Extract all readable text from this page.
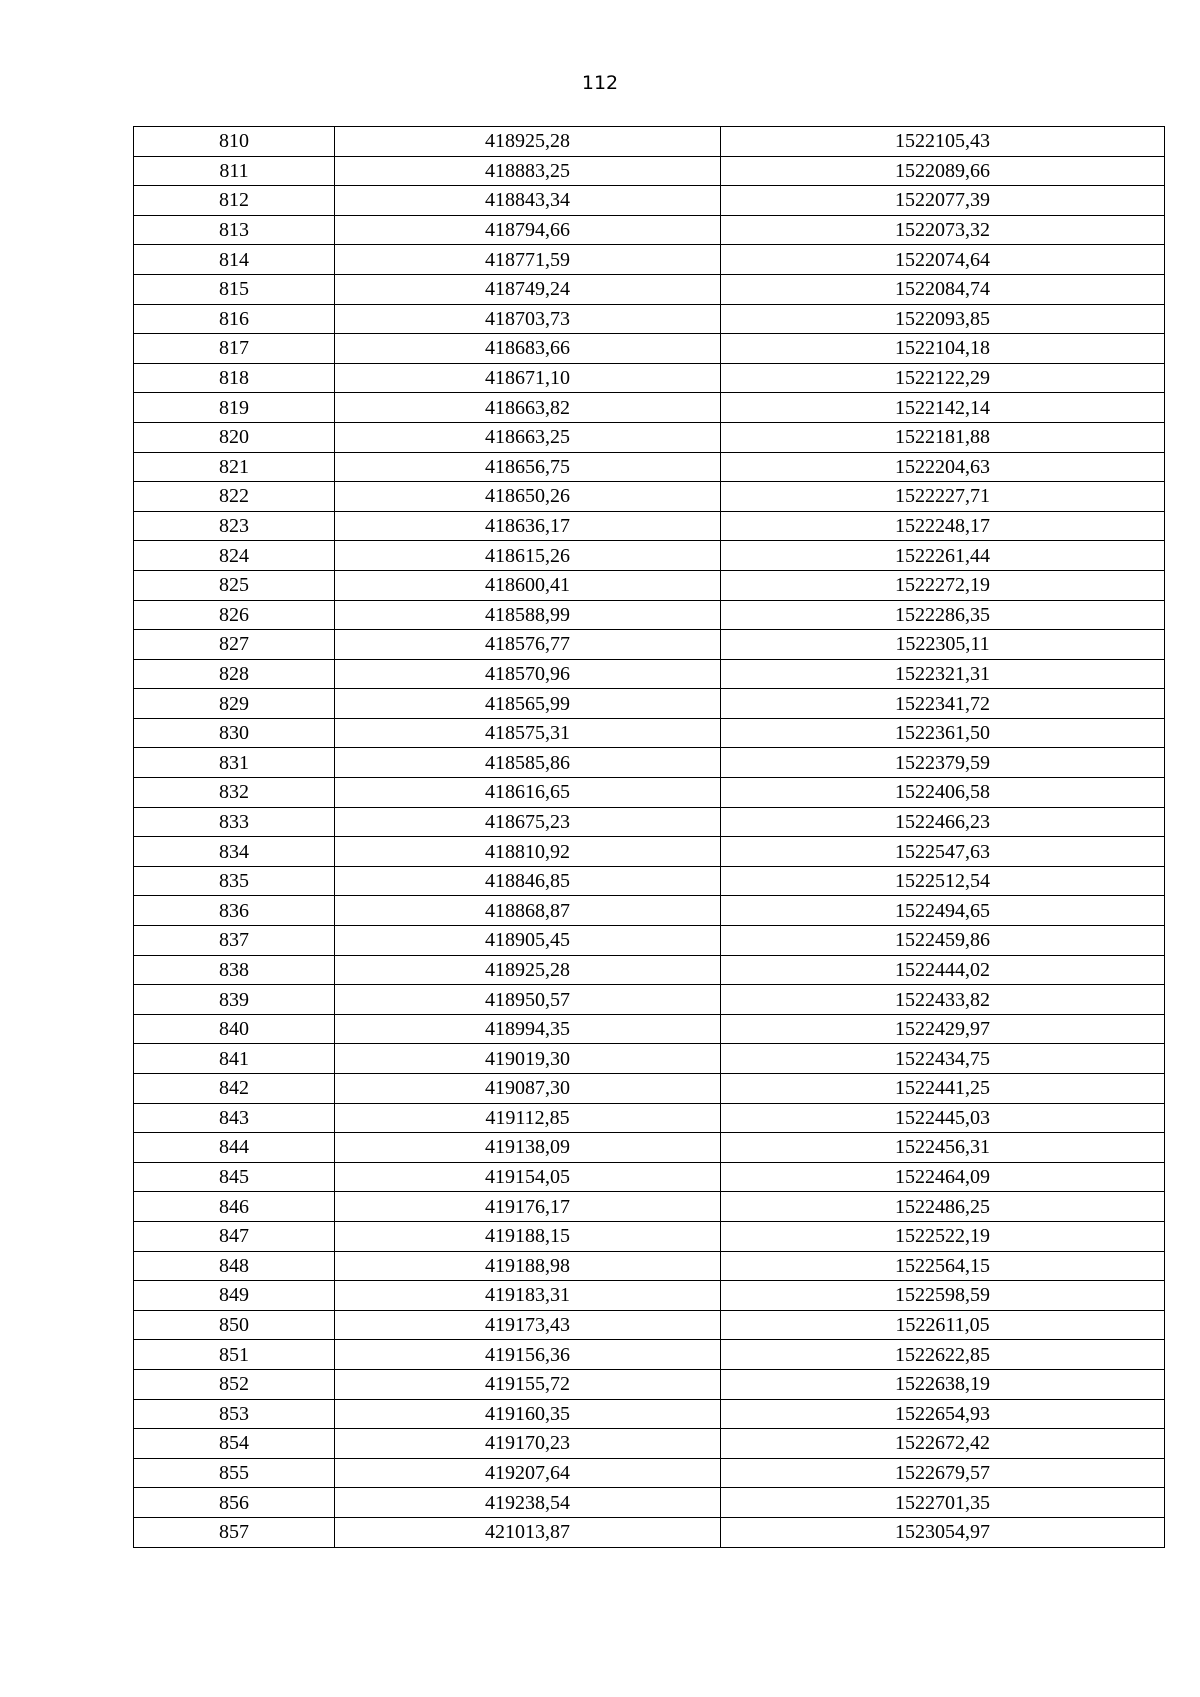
112
810	418925,28	1522105,43
811	418883,25	1522089,66
812	418843,34	1522077,39
813	418794,66	1522073,32
814	418771,59	1522074,64
815	418749,24	1522084,74
816	418703,73	1522093,85
817	418683,66	1522104,18
818	418671,10	1522122,29
819	418663,82	1522142,14
820	418663,25	1522181,88
821	418656,75	1522204,63
822	418650,26	1522227,71
823	418636,17	1522248,17
824	418615,26	1522261,44
825	418600,41	1522272,19
826	418588,99	1522286,35
827	418576,77	1522305,11
828	418570,96	1522321,31
829	418565,99	1522341,72
830	418575,31	1522361,50
831	418585,86	1522379,59
832	418616,65	1522406,58
833	418675,23	1522466,23
834	418810,92	1522547,63
835	418846,85	1522512,54
836	418868,87	1522494,65
837	418905,45	1522459,86
838	418925,28	1522444,02
839	418950,57	1522433,82
840	418994,35	1522429,97
841	419019,30	1522434,75
842	419087,30	1522441,25
843	419112,85	1522445,03
844	419138,09	1522456,31
845	419154,05	1522464,09
846	419176,17	1522486,25
847	419188,15	1522522,19
848	419188,98	1522564,15
849	419183,31	1522598,59
850	419173,43	1522611,05
851	419156,36	1522622,85
852	419155,72	1522638,19
853	419160,35	1522654,93
854	419170,23	1522672,42
855	419207,64	1522679,57
856	419238,54	1522701,35
857	421013,87	1523054,97
